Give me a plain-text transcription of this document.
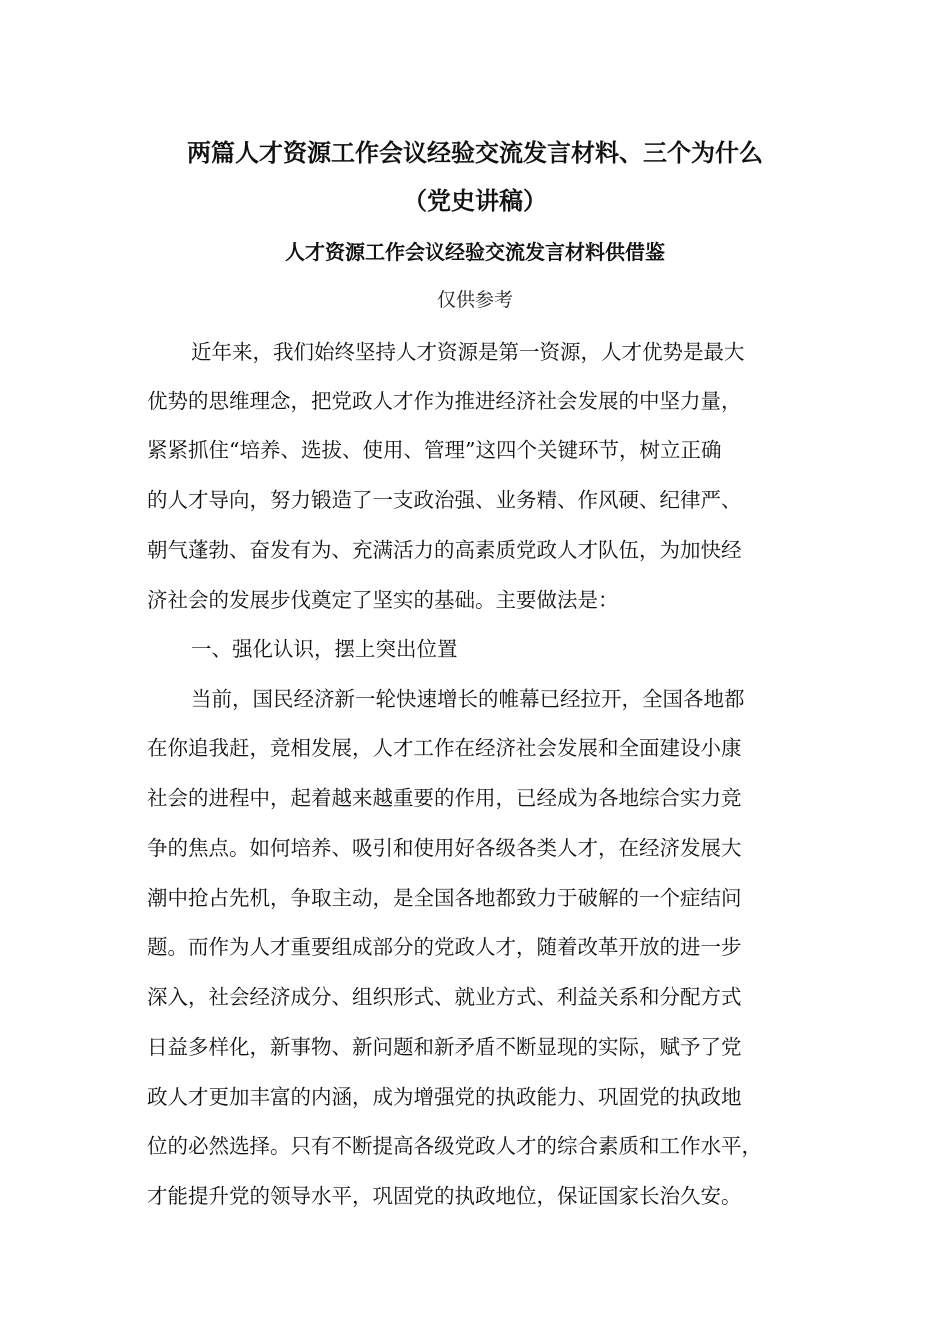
两篇人才资源工作会议经验交流发言材料、三个为什么
（党史讲稿）
人才资源工作会议经验交流发言材料供借鉴
仅供参考
近年来，我们始终坚持人才资源是第一资源，人才优势是最大
优势的思维理念，把党政人才作为推进经济社会发展的中坚力量，
紧紧抓住“培养、选拔、使用、管理”这四个关键环节，树立正确
的人才导向，努力锻造了一支政治强、业务精、作风硬、纪律严、
朝气蓬勃、奋发有为、充满活力的高素质党政人才队伍，为加快经
济社会的发展步伐奠定了坚实的基础。主要做法是：
一、强化认识，摆上突出位置
当前，国民经济新一轮快速增长的帷幕已经拉开，全国各地都
在你追我赶，竞相发展，人才工作在经济社会发展和全面建设小康
社会的进程中，起着越来越重要的作用，已经成为各地综合实力竞
争的焦点。如何培养、吸引和使用好各级各类人才，在经济发展大
潮中抢占先机，争取主动，是全国各地都致力于破解的一个症结问
题。而作为人才重要组成部分的党政人才，随着改革开放的进一步
深入，社会经济成分、组织形式、就业方式、利益关系和分配方式
日益多样化，新事物、新问题和新矛盾不断显现的实际，赋予了党
政人才更加丰富的内涵，成为增强党的执政能力、巩固党的执政地
位的必然选择。只有不断提高各级党政人才的综合素质和工作水平，
才能提升党的领导水平，巩固党的执政地位，保证国家长治久安。
